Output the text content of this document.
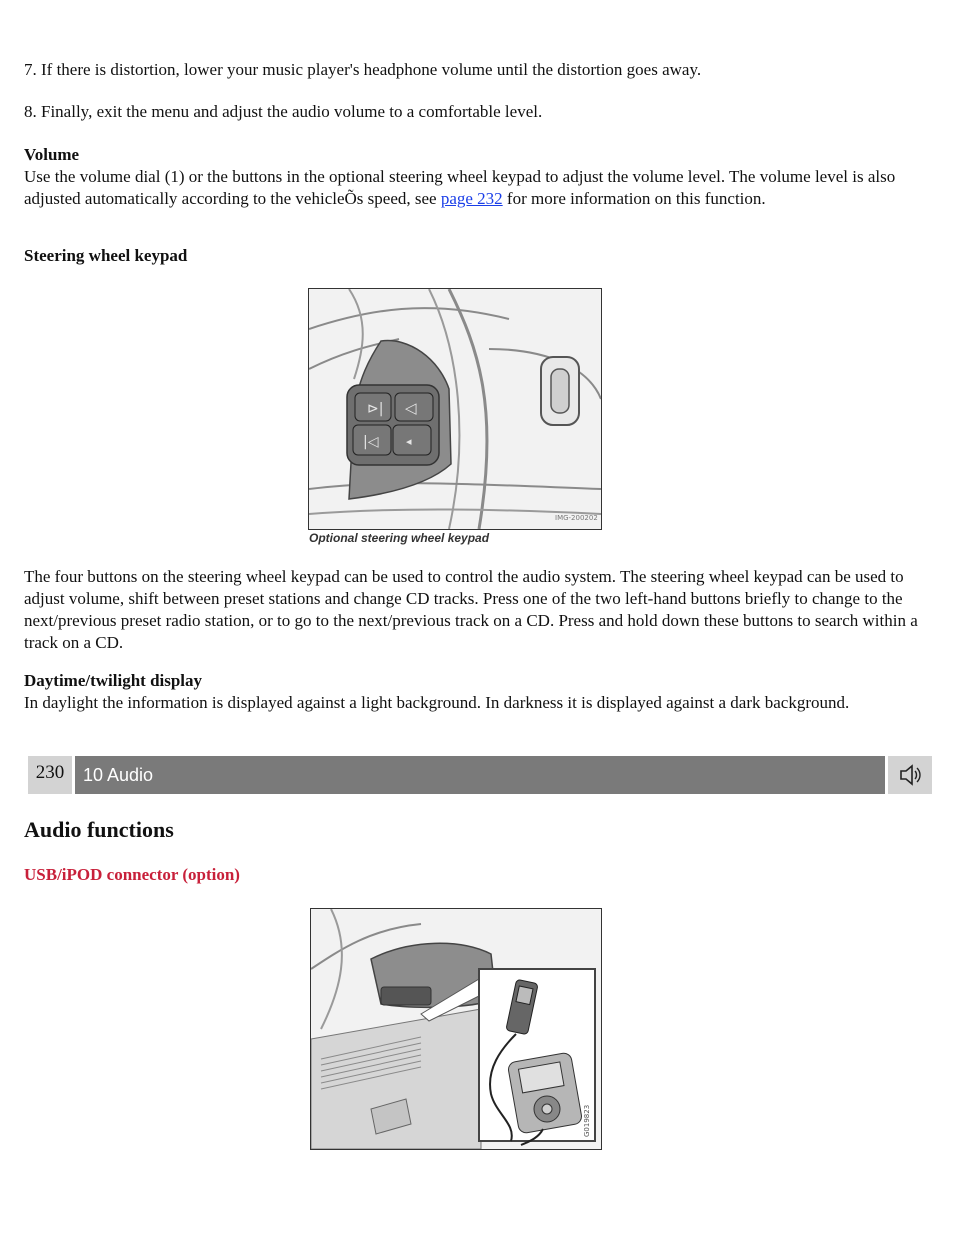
7. If there is distortion, lower your music player's headphone volume until the distortion goes away.

8. Finally, exit the menu and adjust the audio volume to a comfortable level.

Volume
Use the volume dial (1) or the buttons in the optional steering wheel keypad to adjust the volume level. The volume level is also adjusted automatically according to the vehicleÕs speed, see page 232 for more information on this function.

Steering wheel keypad

⊳| ◁
|◁	◂
IMG-200202

Optional steering wheel keypad

The four buttons on the steering wheel keypad can be used to control the audio system. The steering wheel keypad can be used to adjust volume, shift between preset stations and change CD tracks. Press one of the two left-hand buttons briefly to change to the next/previous preset radio station, or to go to the next/previous track on a CD. Press and hold down these buttons to search within a track on a CD.

Daytime/twilight display
In daylight the information is displayed against a light background. In darkness it is displayed against a dark background.

230	10 Audio

Audio functions

USB/iPOD connector (option)

G019823
